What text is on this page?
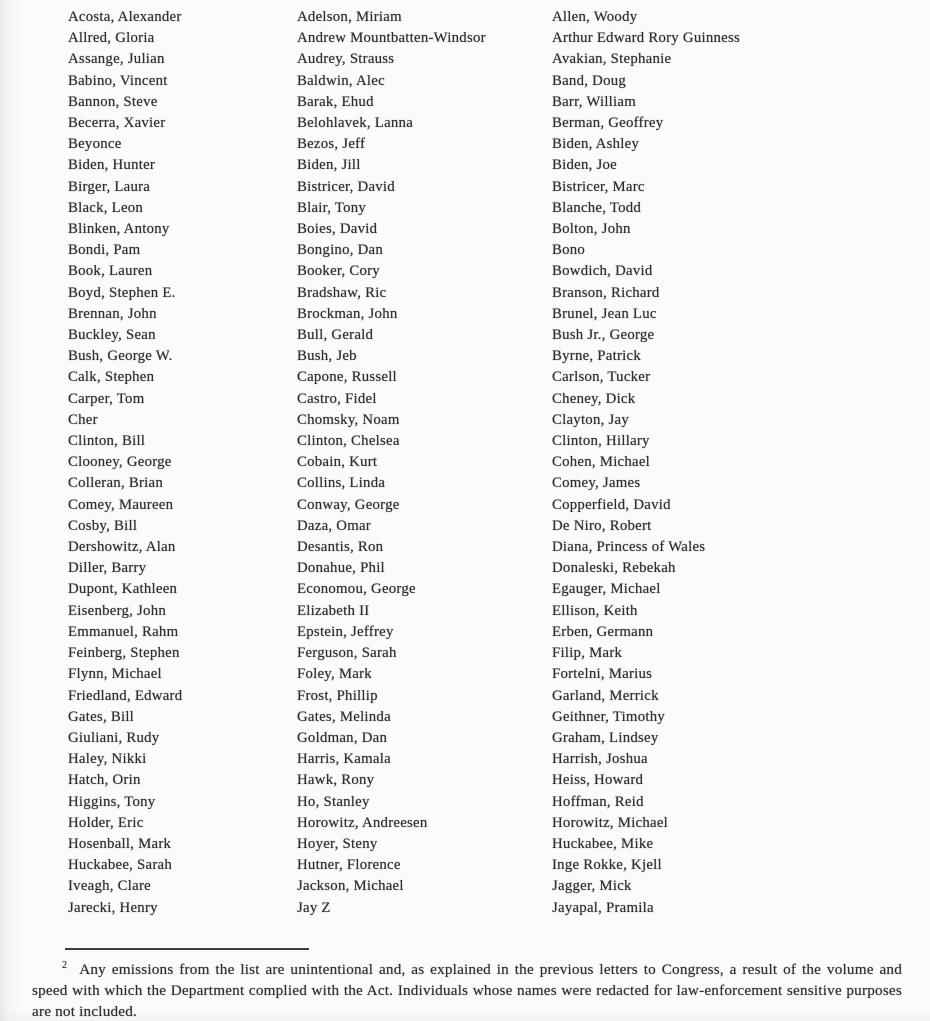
Acosta, Alexander
Allred, Gloria
Assange, Julian
Babino, Vincent
Bannon, Steve
Becerra, Xavier
Beyonce
Biden, Hunter
Birger, Laura
Black, Leon
Blinken, Antony
Bondi, Pam
Book, Lauren
Boyd, Stephen E.
Brennan, John
Buckley, Sean
Bush, George W.
Calk, Stephen
Carper, Tom
Cher
Clinton, Bill
Clooney, George
Colleran, Brian
Comey, Maureen
Cosby, Bill
Dershowitz, Alan
Diller, Barry
Dupont, Kathleen
Eisenberg, John
Emmanuel, Rahm
Feinberg, Stephen
Flynn, Michael
Friedland, Edward
Gates, Bill
Giuliani, Rudy
Haley, Nikki
Hatch, Orin
Higgins, Tony
Holder, Eric
Hosenball, Mark
Huckabee, Sarah
Iveagh, Clare
Jarecki, Henry
Adelson, Miriam
Andrew Mountbatten-Windsor
Audrey, Strauss
Baldwin, Alec
Barak, Ehud
Belohlavek, Lanna
Bezos, Jeff
Biden, Jill
Bistricer, David
Blair, Tony
Boies, David
Bongino, Dan
Booker, Cory
Bradshaw, Ric
Brockman, John
Bull, Gerald
Bush, Jeb
Capone, Russell
Castro, Fidel
Chomsky, Noam
Clinton, Chelsea
Cobain, Kurt
Collins, Linda
Conway, George
Daza, Omar
Desantis, Ron
Donahue, Phil
Economou, George
Elizabeth II
Epstein, Jeffrey
Ferguson, Sarah
Foley, Mark
Frost, Phillip
Gates, Melinda
Goldman, Dan
Harris, Kamala
Hawk, Rony
Ho, Stanley
Horowitz, Andreesen
Hoyer, Steny
Hutner, Florence
Jackson, Michael
Jay Z
Allen, Woody
Arthur Edward Rory Guinness
Avakian, Stephanie
Band, Doug
Barr, William
Berman, Geoffrey
Biden, Ashley
Biden, Joe
Bistricer, Marc
Blanche, Todd
Bolton, John
Bono
Bowdich, David
Branson, Richard
Brunel, Jean Luc
Bush Jr., George
Byrne, Patrick
Carlson, Tucker
Cheney, Dick
Clayton, Jay
Clinton, Hillary
Cohen, Michael
Comey, James
Copperfield, David
De Niro, Robert
Diana, Princess of Wales
Donaleski, Rebekah
Egauger, Michael
Ellison, Keith
Erben, Germann
Filip, Mark
Fortelni, Marius
Garland, Merrick
Geithner, Timothy
Graham, Lindsey
Harrish, Joshua
Heiss, Howard
Hoffman, Reid
Horowitz, Michael
Huckabee, Mike
Inge Rokke, Kjell
Jagger, Mick
Jayapal, Pramila

$^2$ Any emissions from the list are unintentional and, as explained in the previous letters to Congress, a result of the volume and speed with which the Department complied with the Act. Individuals whose names were redacted for law-enforcement sensitive purposes are not included.
